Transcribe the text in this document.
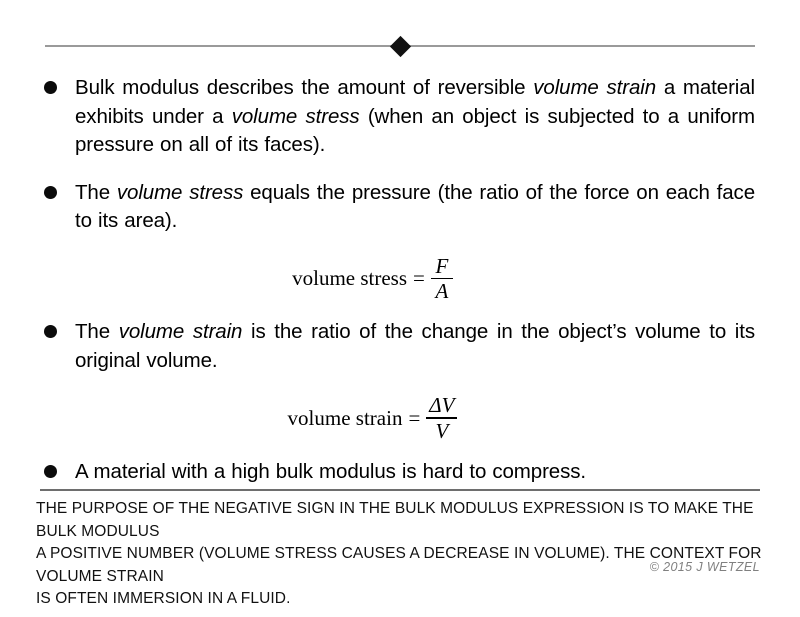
Bulk modulus describes the amount of reversible volume strain a material exhibits under a volume stress (when an object is subjected to a uniform pressure on all of its faces).
The volume stress equals the pressure (the ratio of the force on each face to its area).
volume stress = $\frac{F}{A}$
The volume strain is the ratio of the change in the object’s volume to its original volume.
volume strain = $\frac{\Delta V}{V}$
A material with a high bulk modulus is hard to compress.
THE PURPOSE OF THE NEGATIVE SIGN IN THE BULK MODULUS EXPRESSION IS TO MAKE THE BULK MODULUS
A POSITIVE NUMBER (VOLUME STRESS CAUSES A DECREASE IN VOLUME). THE CONTEXT FOR VOLUME STRAIN
IS OFTEN IMMERSION IN A FLUID.
© 2015 J WETZEL
